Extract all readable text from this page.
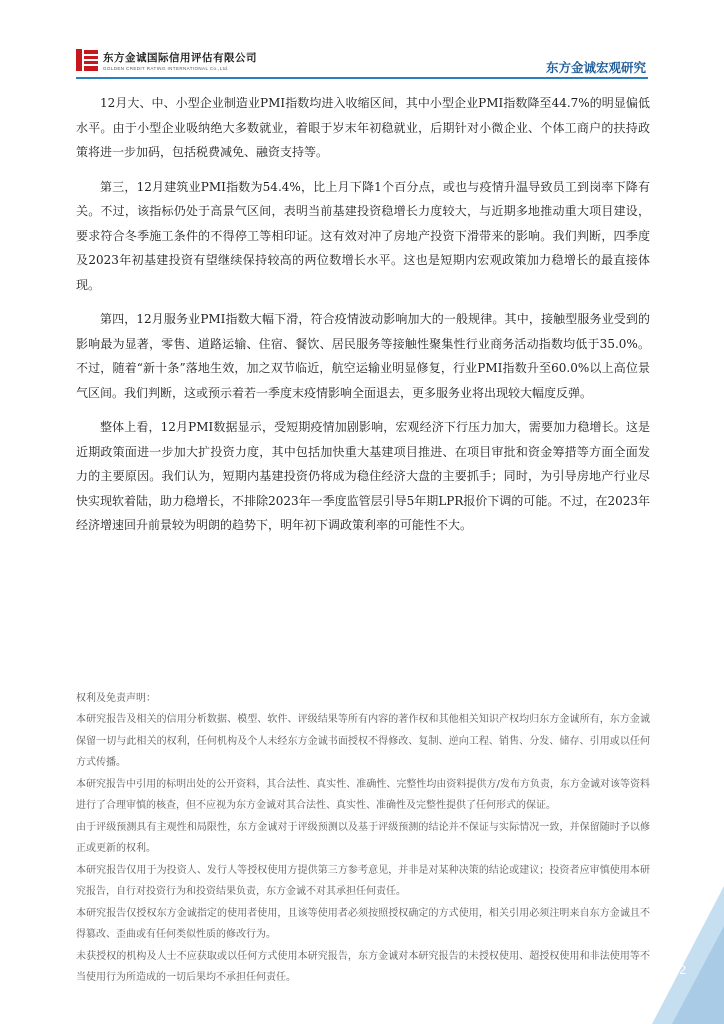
东方金诚国际信用评估有限公司
GOLDEN CREDIT RATING INTERNATIONAL Co.,Ltd.	东方金诚宏观研究

12月大、中、小型企业制造业PMI指数均进入收缩区间，其中小型企业PMI指数降至44.7%的明显偏低水平。由于小型企业吸纳绝大多数就业，着眼于岁末年初稳就业，后期针对小微企业、个体工商户的扶持政策将进一步加码，包括税费减免、融资支持等。

第三，12月建筑业PMI指数为54.4%，比上月下降1个百分点，或也与疫情升温导致员工到岗率下降有关。不过，该指标仍处于高景气区间，表明当前基建投资稳增长力度较大，与近期多地推动重大项目建设，要求符合冬季施工条件的不得停工等相印证。这有效对冲了房地产投资下滑带来的影响。我们判断，四季度及2023年初基建投资有望继续保持较高的两位数增长水平。这也是短期内宏观政策加力稳增长的最直接体现。

第四，12月服务业PMI指数大幅下滑，符合疫情波动影响加大的一般规律。其中，接触型服务业受到的影响最为显著，零售、道路运输、住宿、餐饮、居民服务等接触性聚集性行业商务活动指数均低于35.0%。不过，随着“新十条”落地生效，加之双节临近，航空运输业明显修复，行业PMI指数升至60.0%以上高位景气区间。我们判断，这或预示着若一季度末疫情影响全面退去，更多服务业将出现较大幅度反弹。

整体上看，12月PMI数据显示，受短期疫情加剧影响，宏观经济下行压力加大，需要加力稳增长。这是近期政策面进一步加大扩投资力度，其中包括加快重大基建项目推进、在项目审批和资金筹措等方面全面发力的主要原因。我们认为，短期内基建投资仍将成为稳住经济大盘的主要抓手；同时，为引导房地产行业尽快实现软着陆，助力稳增长，不排除2023年一季度监管层引导5年期LPR报价下调的可能。不过，在2023年经济增速回升前景较为明朗的趋势下，明年初下调政策利率的可能性不大。

权利及免责声明：

本研究报告及相关的信用分析数据、模型、软件、评级结果等所有内容的著作权和其他相关知识产权均归东方金诚所有，东方金诚保留一切与此相关的权利，任何机构及个人未经东方金诚书面授权不得修改、复制、逆向工程、销售、分发、储存、引用或以任何方式传播。

本研究报告中引用的标明出处的公开资料，其合法性、真实性、准确性、完整性均由资料提供方/发布方负责，东方金诚对该等资料进行了合理审慎的核查，但不应视为东方金诚对其合法性、真实性、准确性及完整性提供了任何形式的保证。

由于评级预测具有主观性和局限性，东方金诚对于评级预测以及基于评级预测的结论并不保证与实际情况一致，并保留随时予以修正或更新的权利。

本研究报告仅用于为投资人、发行人等授权使用方提供第三方参考意见，并非是对某种决策的结论或建议；投资者应审慎使用本研究报告，自行对投资行为和投资结果负责，东方金诚不对其承担任何责任。

本研究报告仅授权东方金诚指定的使用者使用，且该等使用者必须按照授权确定的方式使用，相关引用必须注明来自东方金诚且不得篡改、歪曲或有任何类似性质的修改行为。

未获授权的机构及人士不应获取或以任何方式使用本研究报告，东方金诚对本研究报告的未授权使用、超授权使用和非法使用等不当使用行为所造成的一切后果均不承担任何责任。

2
